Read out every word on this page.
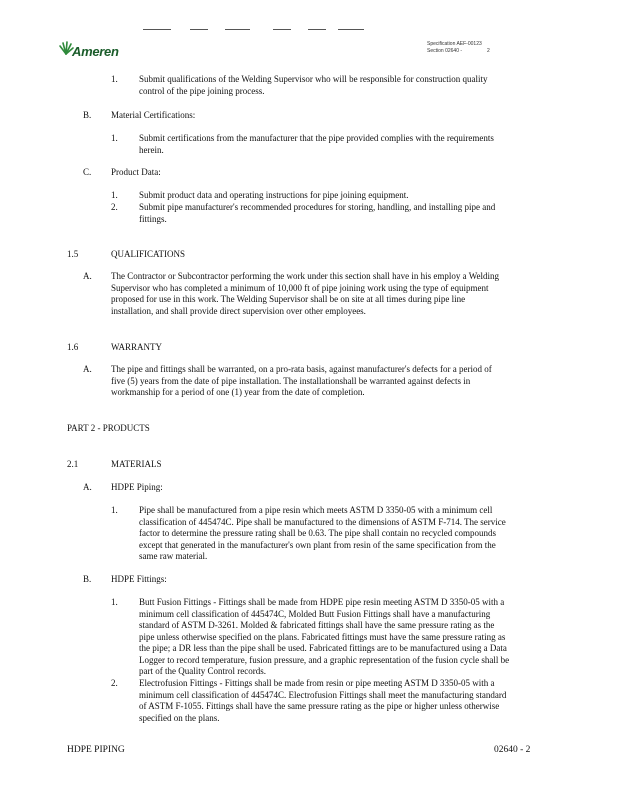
Ameren	Specification AEF-00123
Section 02640 -	2
1. Submit qualifications of the Welding Supervisor who will be responsible for construction quality
control of the pipe joining process.
B. Material Certifications:
1. Submit certifications from the manufacturer that the pipe provided complies with the requirements
herein.
C. Product Data:
1. Submit product data and operating instructions for pipe joining equipment.
2. Submit pipe manufacturer's recommended procedures for storing, handling, and installing pipe and
fittings.
1.5	QUALIFICATIONS
A. The Contractor or Subcontractor performing the work under this section shall have in his employ a Welding
Supervisor who has completed a minimum of 10,000 ft of pipe joining work using the type of equipment
proposed for use in this work. The Welding Supervisor shall be on site at all times during pipe line
installation, and shall provide direct supervision over other employees.
1.6	WARRANTY
A. The pipe and fittings shall be warranted, on a pro-rata basis, against manufacturer's defects for a period of
five (5) years from the date of pipe installation. The installationshall be warranted against defects in
workmanship for a period of one (1) year from the date of completion.
PART 2 - PRODUCTS
2.1	MATERIALS
A. HDPE Piping:
1. Pipe shall be manufactured from a pipe resin which meets ASTM D 3350-05 with a minimum cell
classification of 445474C. Pipe shall be manufactured to the dimensions of ASTM F-714. The service
factor to determine the pressure rating shall be 0.63. The pipe shall contain no recycled compounds
except that generated in the manufacturer's own plant from resin of the same specification from the
same raw material.
B. HDPE Fittings:
1. Butt Fusion Fittings - Fittings shall be made from HDPE pipe resin meeting ASTM D 3350-05 with a
minimum cell classification of 445474C, Molded Butt Fusion Fittings shall have a manufacturing
standard of ASTM D-3261. Molded & fabricated fittings shall have the same pressure rating as the
pipe unless otherwise specified on the plans. Fabricated fittings must have the same pressure rating as
the pipe; a DR less than the pipe shall be used. Fabricated fittings are to be manufactured using a Data
Logger to record temperature, fusion pressure, and a graphic representation of the fusion cycle shall be
part of the Quality Control records.
2. Electrofusion Fittings - Fittings shall be made from resin or pipe meeting ASTM D 3350-05 with a
minimum cell classification of 445474C. Electrofusion Fittings shall meet the manufacturing standard
of ASTM F-1055. Fittings shall have the same pressure rating as the pipe or higher unless otherwise
specified on the plans.
HDPE PIPING	02640 - 2
